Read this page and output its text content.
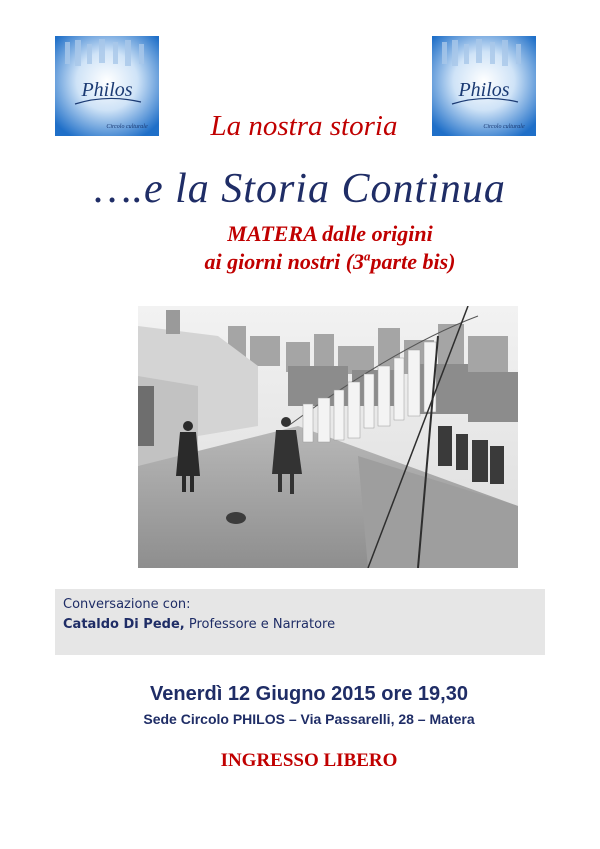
Philos
Circolo culturale
Philos
Circolo culturale
La nostra storia
….e la Storia Continua
MATERA dalle origini
ai giorni nostri (3$^a$parte bis)
Conversazione con:
Cataldo Di Pede, Professore e Narratore
Venerdì 12 Giugno 2015 ore 19,30
Sede Circolo PHILOS – Via Passarelli, 28 – Matera
INGRESSO LIBERO
